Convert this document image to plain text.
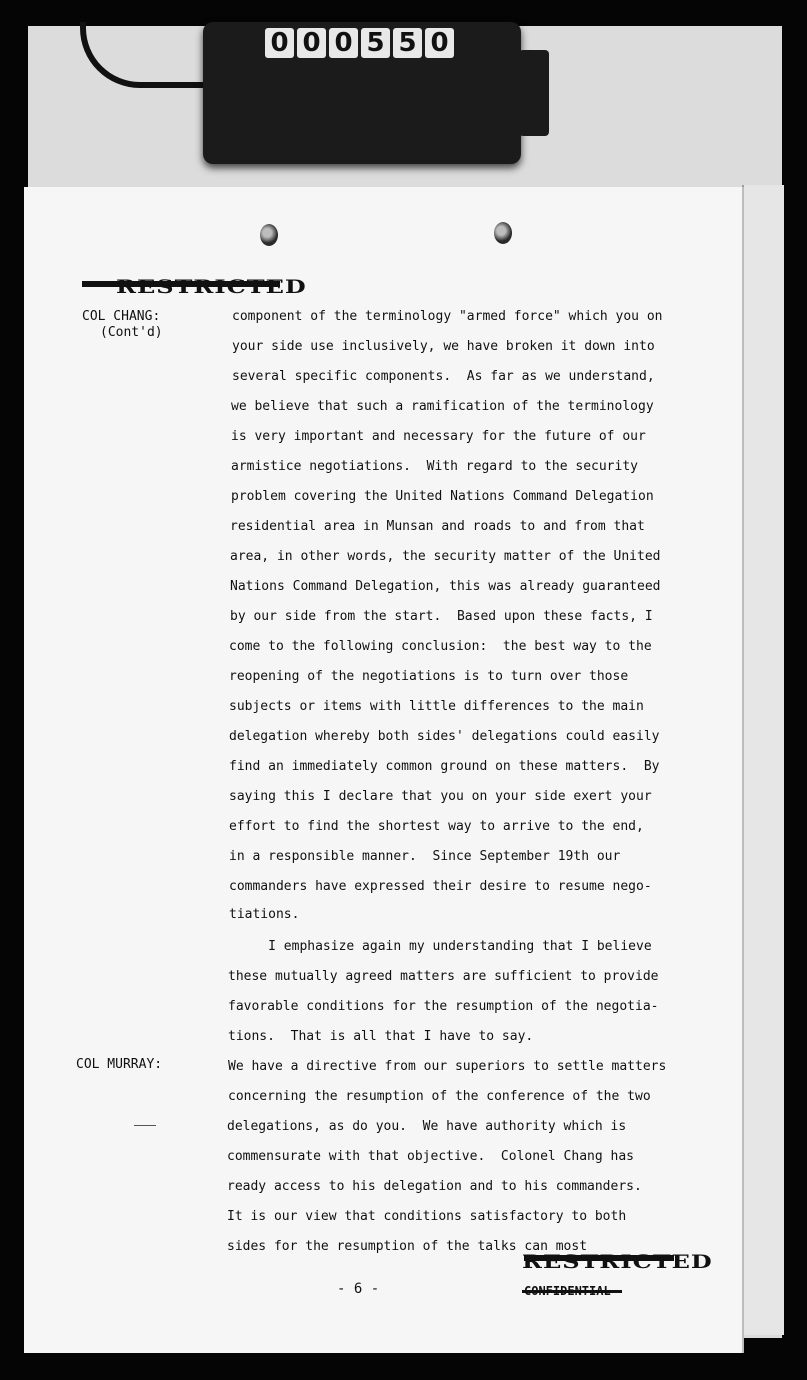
0 0 0 5 5 0
RESTRICTED
COL CHANG:
(Cont'd)
COL MURRAY:
component of the terminology "armed force" which you on
your side use inclusively, we have broken it down into
several specific components.  As far as we understand,
we believe that such a ramification of the terminology
is very important and necessary for the future of our
armistice negotiations.  With regard to the security
problem covering the United Nations Command Delegation
residential area in Munsan and roads to and from that
area, in other words, the security matter of the United
Nations Command Delegation, this was already guaranteed
by our side from the start.  Based upon these facts, I
come to the following conclusion:  the best way to the
reopening of the negotiations is to turn over those
subjects or items with little differences to the main
delegation whereby both sides' delegations could easily
find an immediately common ground on these matters.  By
saying this I declare that you on your side exert your
effort to find the shortest way to arrive to the end,
in a responsible manner.  Since September 19th our
commanders have expressed their desire to resume nego-
tiations.
I emphasize again my understanding that I believe
these mutually agreed matters are sufficient to provide
favorable conditions for the resumption of the negotia-
tions.  That is all that I have to say.
We have a directive from our superiors to settle matters
concerning the resumption of the conference of the two
delegations, as do you.  We have authority which is
commensurate with that objective.  Colonel Chang has
ready access to his delegation and to his commanders.
It is our view that conditions satisfactory to both
sides for the resumption of the talks can most
RESTRICTED
- 6 -
